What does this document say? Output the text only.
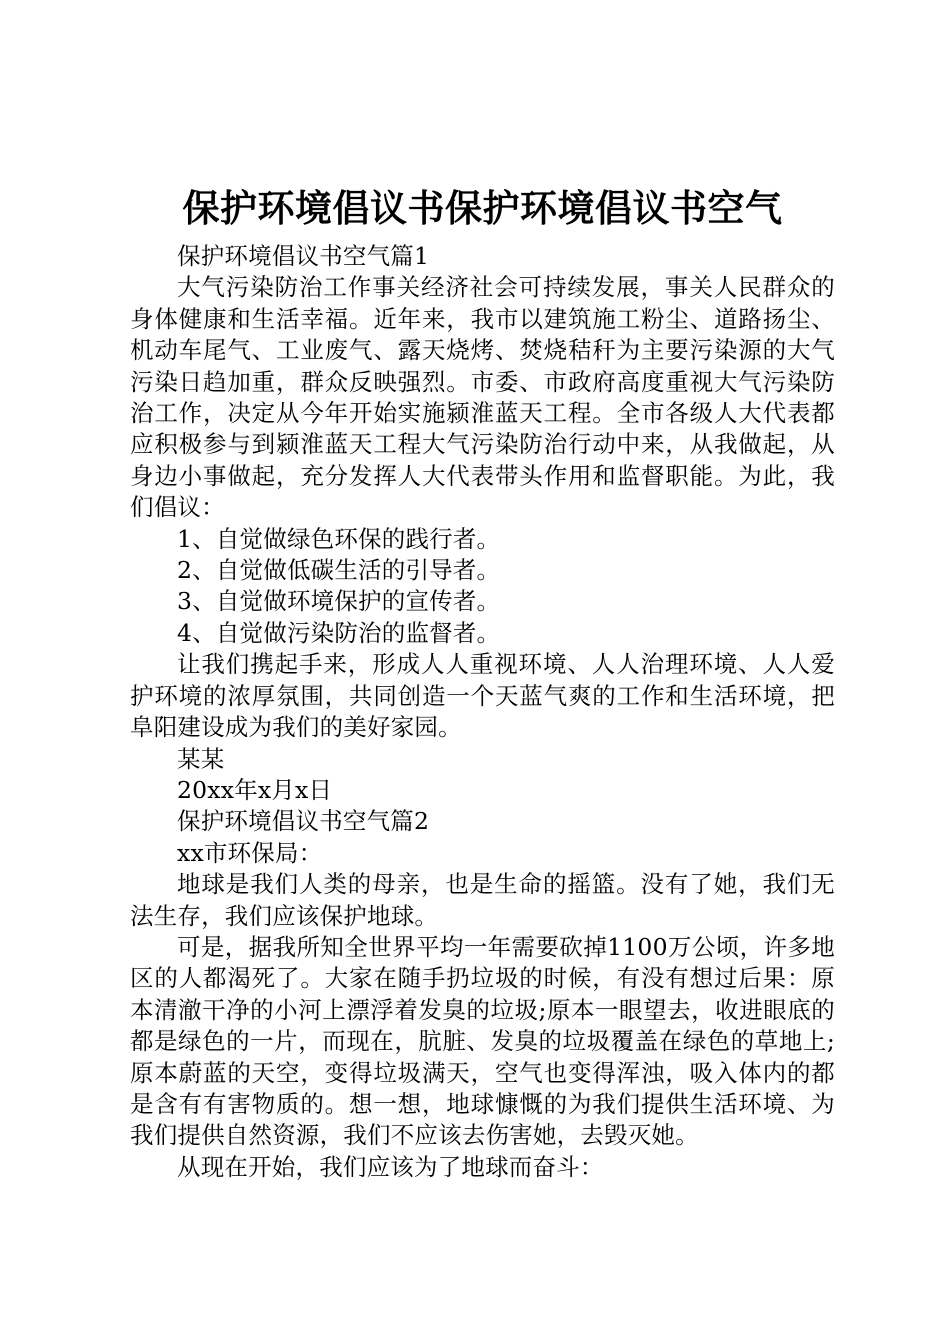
保护环境倡议书保护环境倡议书空气

保护环境倡议书空气篇1

大气污染防治工作事关经济社会可持续发展，事关人民群众的身体健康和生活幸福。近年来，我市以建筑施工粉尘、道路扬尘、机动车尾气、工业废气、露天烧烤、焚烧秸秆为主要污染源的大气污染日趋加重，群众反映强烈。市委、市政府高度重视大气污染防治工作，决定从今年开始实施颍淮蓝天工程。全市各级人大代表都应积极参与到颍淮蓝天工程大气污染防治行动中来，从我做起，从身边小事做起，充分发挥人大代表带头作用和监督职能。为此，我们倡议：

1、自觉做绿色环保的践行者。

2、自觉做低碳生活的引导者。

3、自觉做环境保护的宣传者。

4、自觉做污染防治的监督者。

让我们携起手来，形成人人重视环境、人人治理环境、人人爱护环境的浓厚氛围，共同创造一个天蓝气爽的工作和生活环境，把阜阳建设成为我们的美好家园。

某某

20xx年x月x日

保护环境倡议书空气篇2

xx市环保局：

地球是我们人类的母亲，也是生命的摇篮。没有了她，我们无法生存，我们应该保护地球。

可是，据我所知全世界平均一年需要砍掉1100万公顷，许多地区的人都渴死了。大家在随手扔垃圾的时候，有没有想过后果：原本清澈干净的小河上漂浮着发臭的垃圾;原本一眼望去，收进眼底的都是绿色的一片，而现在，肮脏、发臭的垃圾覆盖在绿色的草地上;原本蔚蓝的天空，变得垃圾满天，空气也变得浑浊，吸入体内的都是含有有害物质的。想一想，地球慷慨的为我们提供生活环境、为我们提供自然资源，我们不应该去伤害她，去毁灭她。

从现在开始，我们应该为了地球而奋斗：
